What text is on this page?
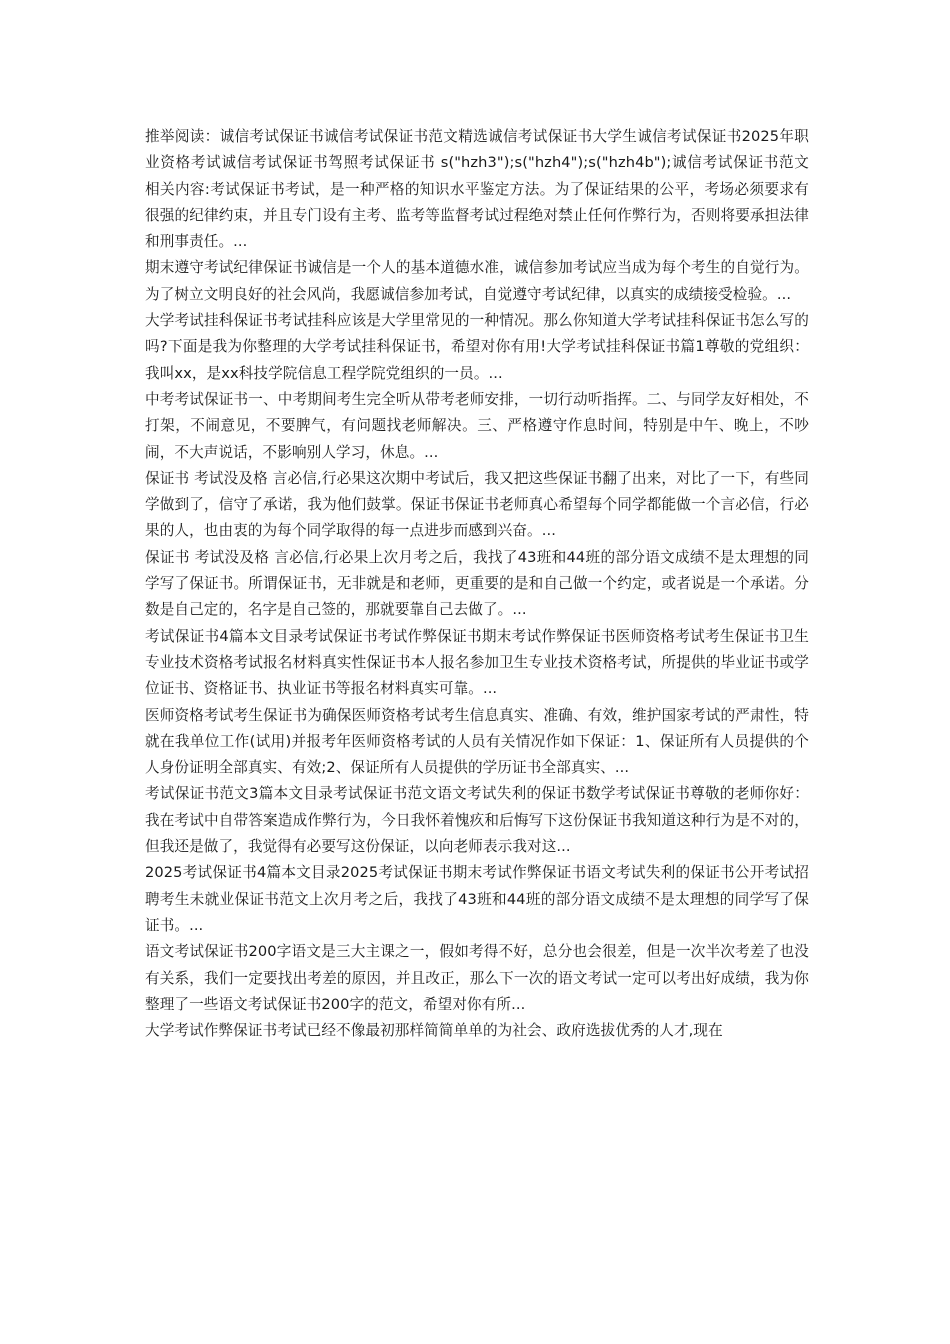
推举阅读：诚信考试保证书诚信考试保证书范文精选诚信考试保证书大学生诚信考试保证书2025年职业资格考试诚信考试保证书驾照考试保证书 s("hzh3");s("hzh4");s("hzh4b");诚信考试保证书范文 相关内容:考试保证书考试，是一种严格的知识水平鉴定方法。为了保证结果的公平，考场必须要求有很强的纪律约束，并且专门设有主考、监考等监督考试过程绝对禁止任何作弊行为，否则将要承担法律和刑事责任。...

期末遵守考试纪律保证书诚信是一个人的基本道德水准，诚信参加考试应当成为每个考生的自觉行为。为了树立文明良好的社会风尚，我愿诚信参加考试，自觉遵守考试纪律，以真实的成绩接受检验。...

大学考试挂科保证书考试挂科应该是大学里常见的一种情况。那么你知道大学考试挂科保证书怎么写的吗?下面是我为你整理的大学考试挂科保证书，希望对你有用!大学考试挂科保证书篇1尊敬的党组织：我叫xx，是xx科技学院信息工程学院党组织的一员。...

中考考试保证书一、中考期间考生完全听从带考老师安排，一切行动听指挥。二、与同学友好相处，不打架，不闹意见，不要脾气，有问题找老师解决。三、严格遵守作息时间，特别是中午、晚上，不吵闹，不大声说话，不影响别人学习，休息。...

保证书 考试没及格 言必信,行必果这次期中考试后，我又把这些保证书翻了出来，对比了一下，有些同学做到了，信守了承诺，我为他们鼓掌。保证书保证书老师真心希望每个同学都能做一个言必信，行必果的人，也由衷的为每个同学取得的每一点进步而感到兴奋。...

保证书 考试没及格 言必信,行必果上次月考之后，我找了43班和44班的部分语文成绩不是太理想的同学写了保证书。所谓保证书，无非就是和老师，更重要的是和自己做一个约定，或者说是一个承诺。分数是自己定的，名字是自己签的，那就要靠自己去做了。...

考试保证书4篇本文目录考试保证书考试作弊保证书期末考试作弊保证书医师资格考试考生保证书卫生专业技术资格考试报名材料真实性保证书本人报名参加卫生专业技术资格考试，所提供的毕业证书或学位证书、资格证书、执业证书等报名材料真实可靠。...

医师资格考试考生保证书为确保医师资格考试考生信息真实、准确、有效，维护国家考试的严肃性，特就在我单位工作(试用)并报考年医师资格考试的人员有关情况作如下保证：1、保证所有人员提供的个人身份证明全部真实、有效;2、保证所有人员提供的学历证书全部真实、...

考试保证书范文3篇本文目录考试保证书范文语文考试失利的保证书数学考试保证书尊敬的老师你好：我在考试中自带答案造成作弊行为，今日我怀着愧疚和后悔写下这份保证书我知道这种行为是不对的，但我还是做了，我觉得有必要写这份保证，以向老师表示我对这...

2025考试保证书4篇本文目录2025考试保证书期末考试作弊保证书语文考试失利的保证书公开考试招聘考生未就业保证书范文上次月考之后，我找了43班和44班的部分语文成绩不是太理想的同学写了保证书。...

语文考试保证书200字语文是三大主课之一，假如考得不好，总分也会很差，但是一次半次考差了也没有关系，我们一定要找出考差的原因，并且改正，那么下一次的语文考试一定可以考出好成绩，我为你整理了一些语文考试保证书200字的范文，希望对你有所...

大学考试作弊保证书考试已经不像最初那样简简单单的为社会、政府选拔优秀的人才,现在
